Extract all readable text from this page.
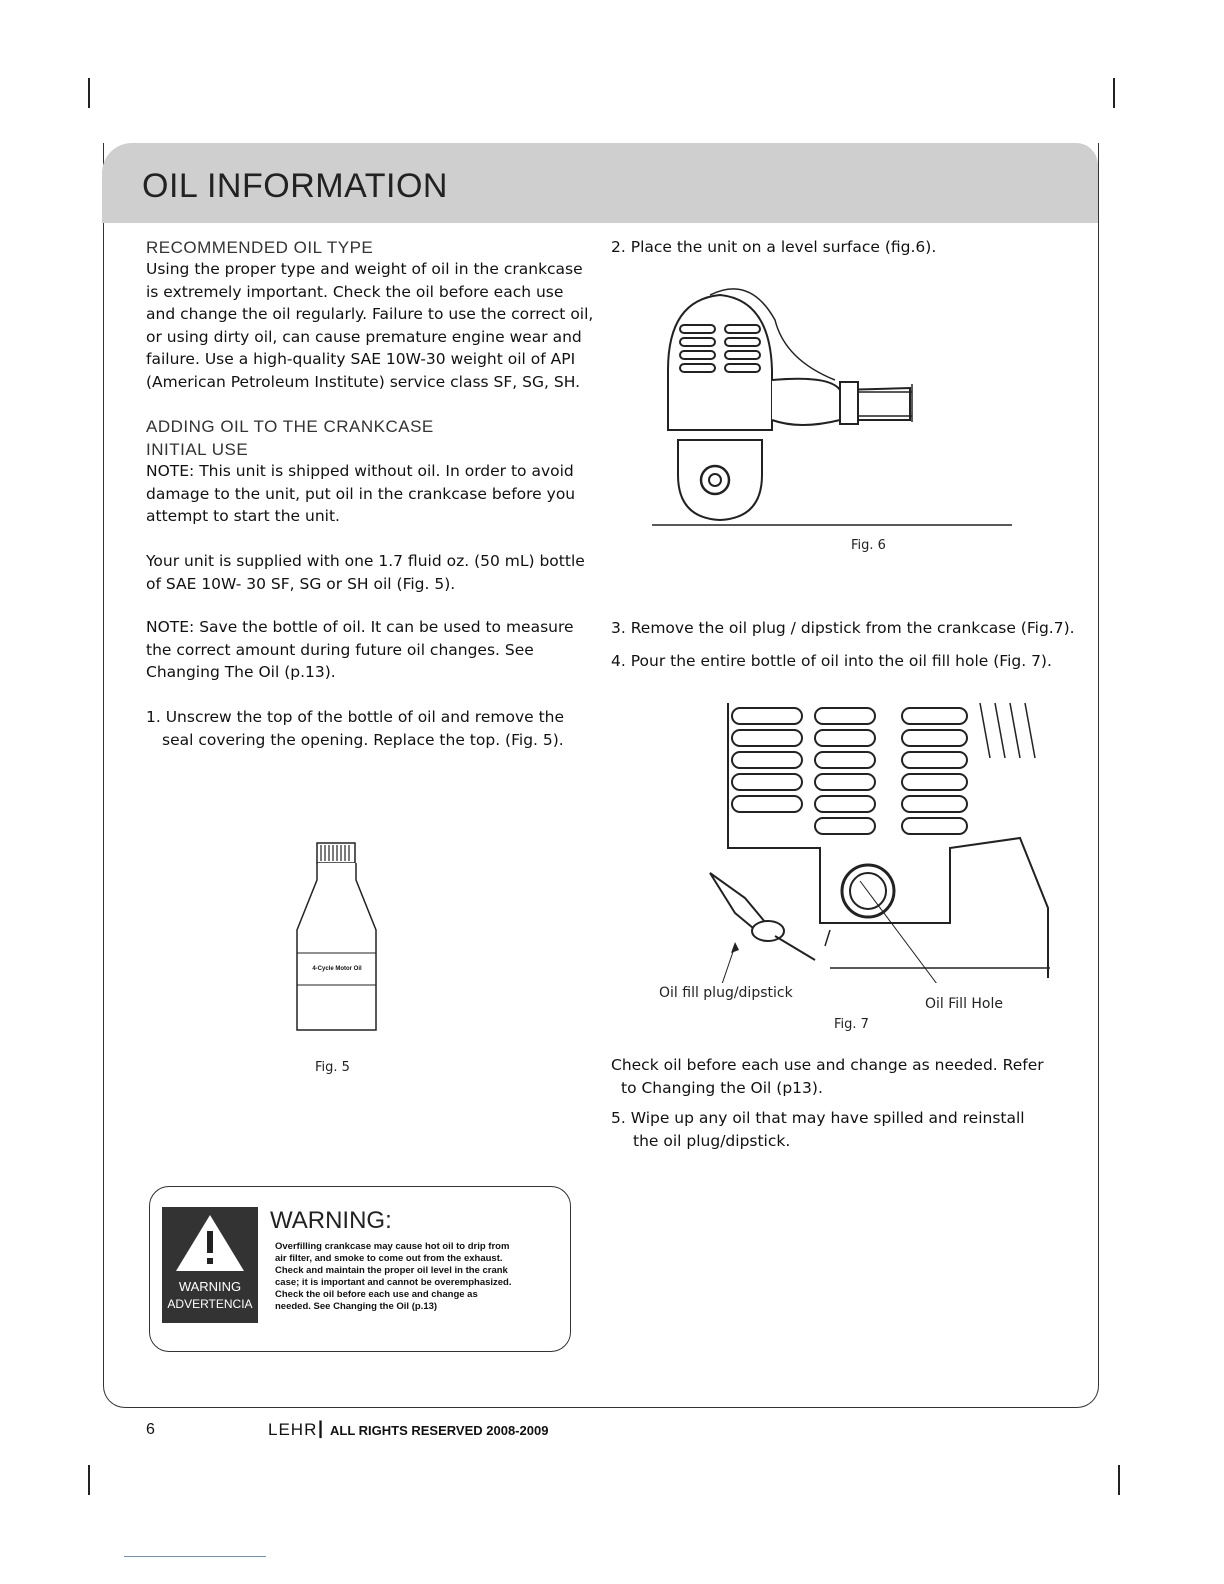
OIL INFORMATION
RECOMMENDED OIL TYPE
Using the proper type and weight of oil in the crankcase
is extremely important. Check the oil before each use
and change the oil regularly. Failure to use the correct oil,
or using dirty oil, can cause premature engine wear and
failure. Use a high-quality SAE 10W-30 weight oil of API
(American Petroleum Institute) service class SF, SG, SH.
ADDING OIL TO THE CRANKCASE
INITIAL USE
NOTE: This unit is shipped without oil. In order to avoid
damage to the unit, put oil in the crankcase before you
attempt to start the unit.
Your unit is supplied with one 1.7 fluid oz. (50 mL) bottle
of SAE 10W- 30 SF, SG or SH oil (Fig. 5).
NOTE: Save the bottle of oil. It can be used to measure
the correct amount during future oil changes. See
Changing The Oil (p.13).
1. Unscrew the top of the bottle of oil and remove the
seal covering the opening. Replace the top. (Fig. 5).
4-Cycle Motor Oil
Fig. 5
2. Place the unit on a level surface (fig.6).
Fig. 6
3. Remove the oil plug / dipstick from the crankcase (Fig.7).
4. Pour the entire bottle of oil into the oil fill hole (Fig. 7).
Oil fill plug/dipstick
Oil Fill Hole
Fig. 7
Check oil before each use and change as needed. Refer
to Changing the Oil (p13).
5. Wipe up any oil that may have spilled and reinstall
the oil plug/dipstick.
WARNING
ADVERTENCIA
WARNING:
Overfilling crankcase may cause hot oil to drip from
air filter, and smoke to come out from the exhaust.
Check and maintain the proper oil level in the crank
case; it is important and cannot be overemphasized.
Check the oil before each use and change as
needed. See Changing the Oil (p.13)
6	LEHR | ALL RIGHTS RESERVED 2008-2009
